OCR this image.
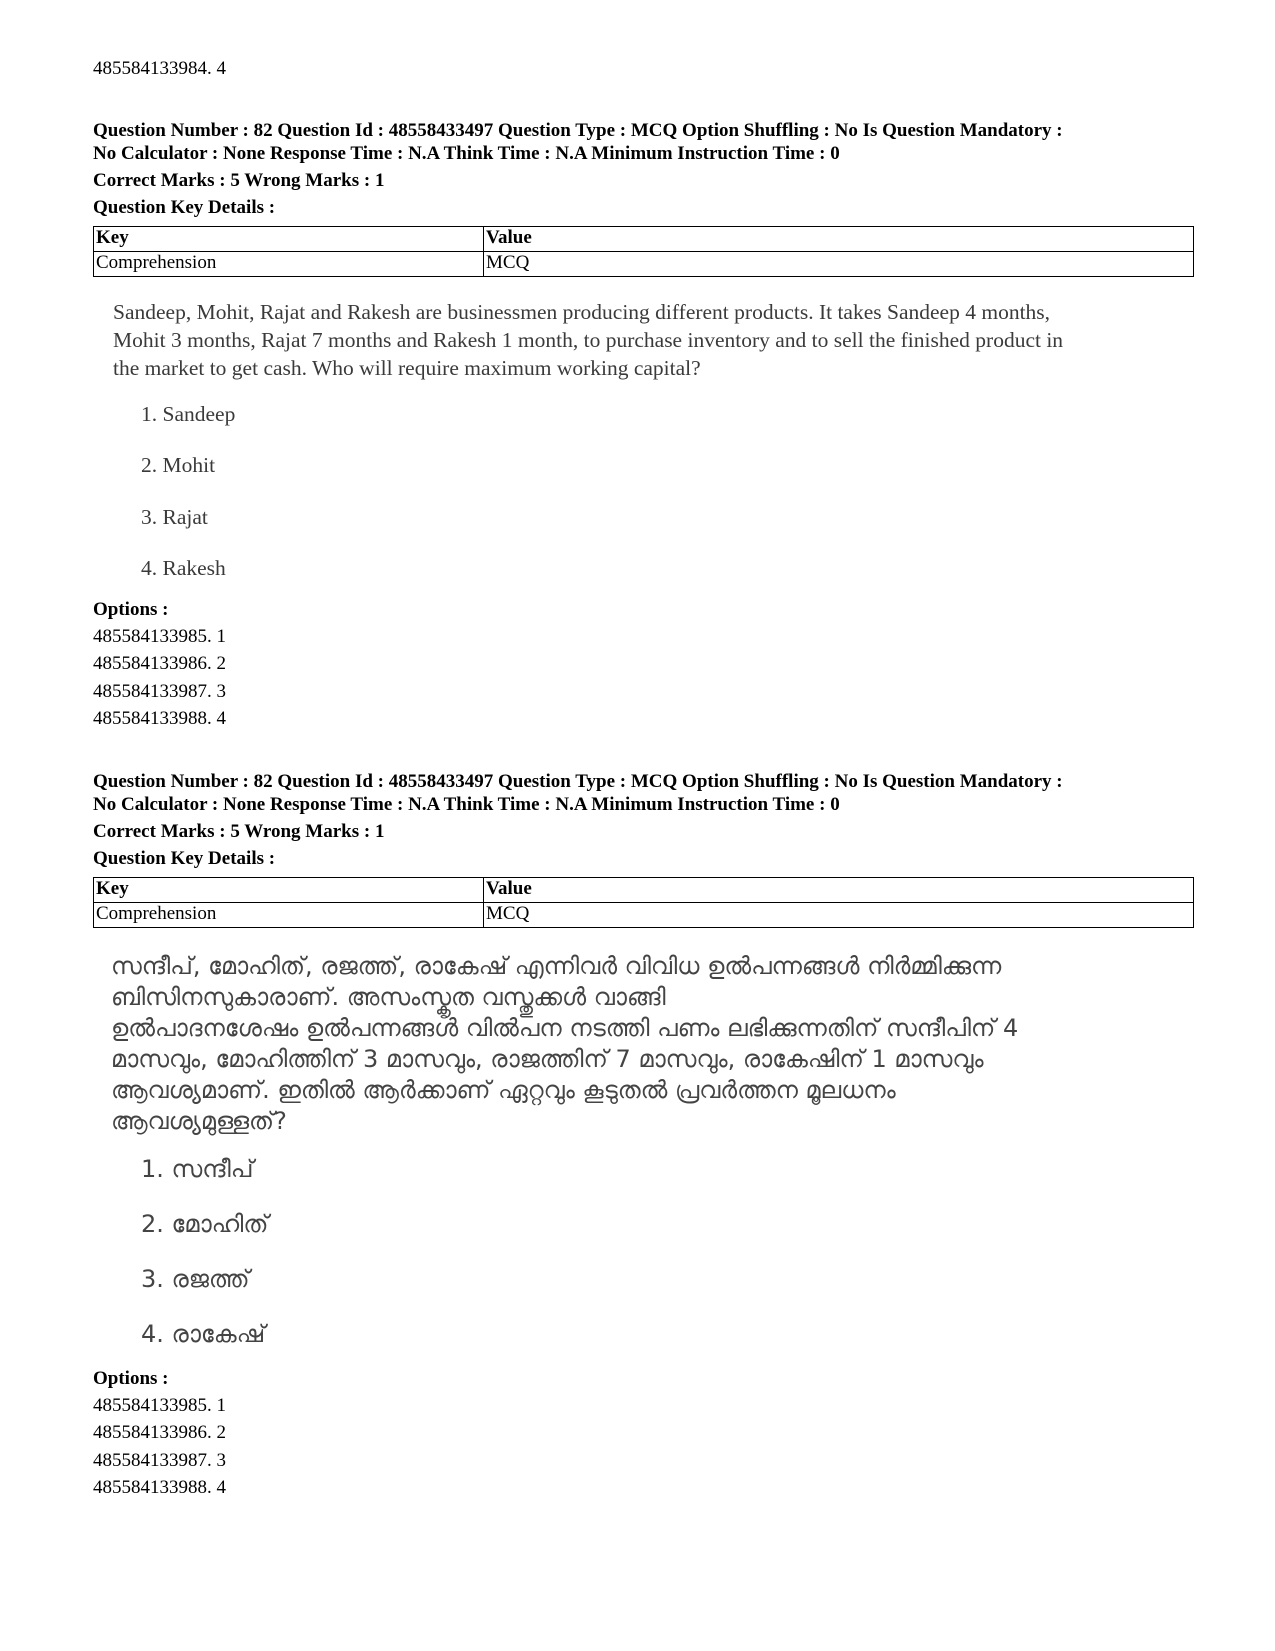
485584133984. 4
Question Number : 82 Question Id : 48558433497 Question Type : MCQ Option Shuffling : No Is Question Mandatory :
No Calculator : None Response Time : N.A Think Time : N.A Minimum Instruction Time : 0
Correct Marks : 5 Wrong Marks : 1
Question Key Details :
Key	Value
Comprehension	MCQ
Sandeep, Mohit, Rajat and Rakesh are businessmen producing different products. It takes Sandeep 4 months,
Mohit 3 months, Rajat 7 months and Rakesh 1 month, to purchase inventory and to sell the finished product in
the market to get cash. Who will require maximum working capital?
1. Sandeep
2. Mohit
3. Rajat
4. Rakesh
Options :
485584133985. 1
485584133986. 2
485584133987. 3
485584133988. 4
Question Number : 82 Question Id : 48558433497 Question Type : MCQ Option Shuffling : No Is Question Mandatory :
No Calculator : None Response Time : N.A Think Time : N.A Minimum Instruction Time : 0
Correct Marks : 5 Wrong Marks : 1
Question Key Details :
Key	Value
Comprehension	MCQ
സന്ദീപ്, മോഹിത്, രജത്ത്, രാകേഷ് എന്നിവർ വിവിധ ഉൽപന്നങ്ങൾ നിർമ്മിക്കുന്ന
ബിസിനസുകാരാണ്. അസംസ്കൃത വസ്തുക്കൾ വാങ്ങി
ഉൽപാദനശേഷം ഉൽപന്നങ്ങൾ വിൽപന നടത്തി പണം ലഭിക്കുന്നതിന് സന്ദീപിന് 4
മാസവും, മോഹിത്തിന് 3 മാസവും, രാജത്തിന് 7 മാസവും, രാകേഷിന് 1 മാസവും
ആവശ്യമാണ്. ഇതിൽ ആർക്കാണ് ഏറ്റവും കൂടുതൽ പ്രവർത്തന മൂലധനം
ആവശ്യമുള്ളത്?
1. സന്ദീപ്
2. മോഹിത്
3. രജത്ത്
4. രാകേഷ്
Options :
485584133985. 1
485584133986. 2
485584133987. 3
485584133988. 4
